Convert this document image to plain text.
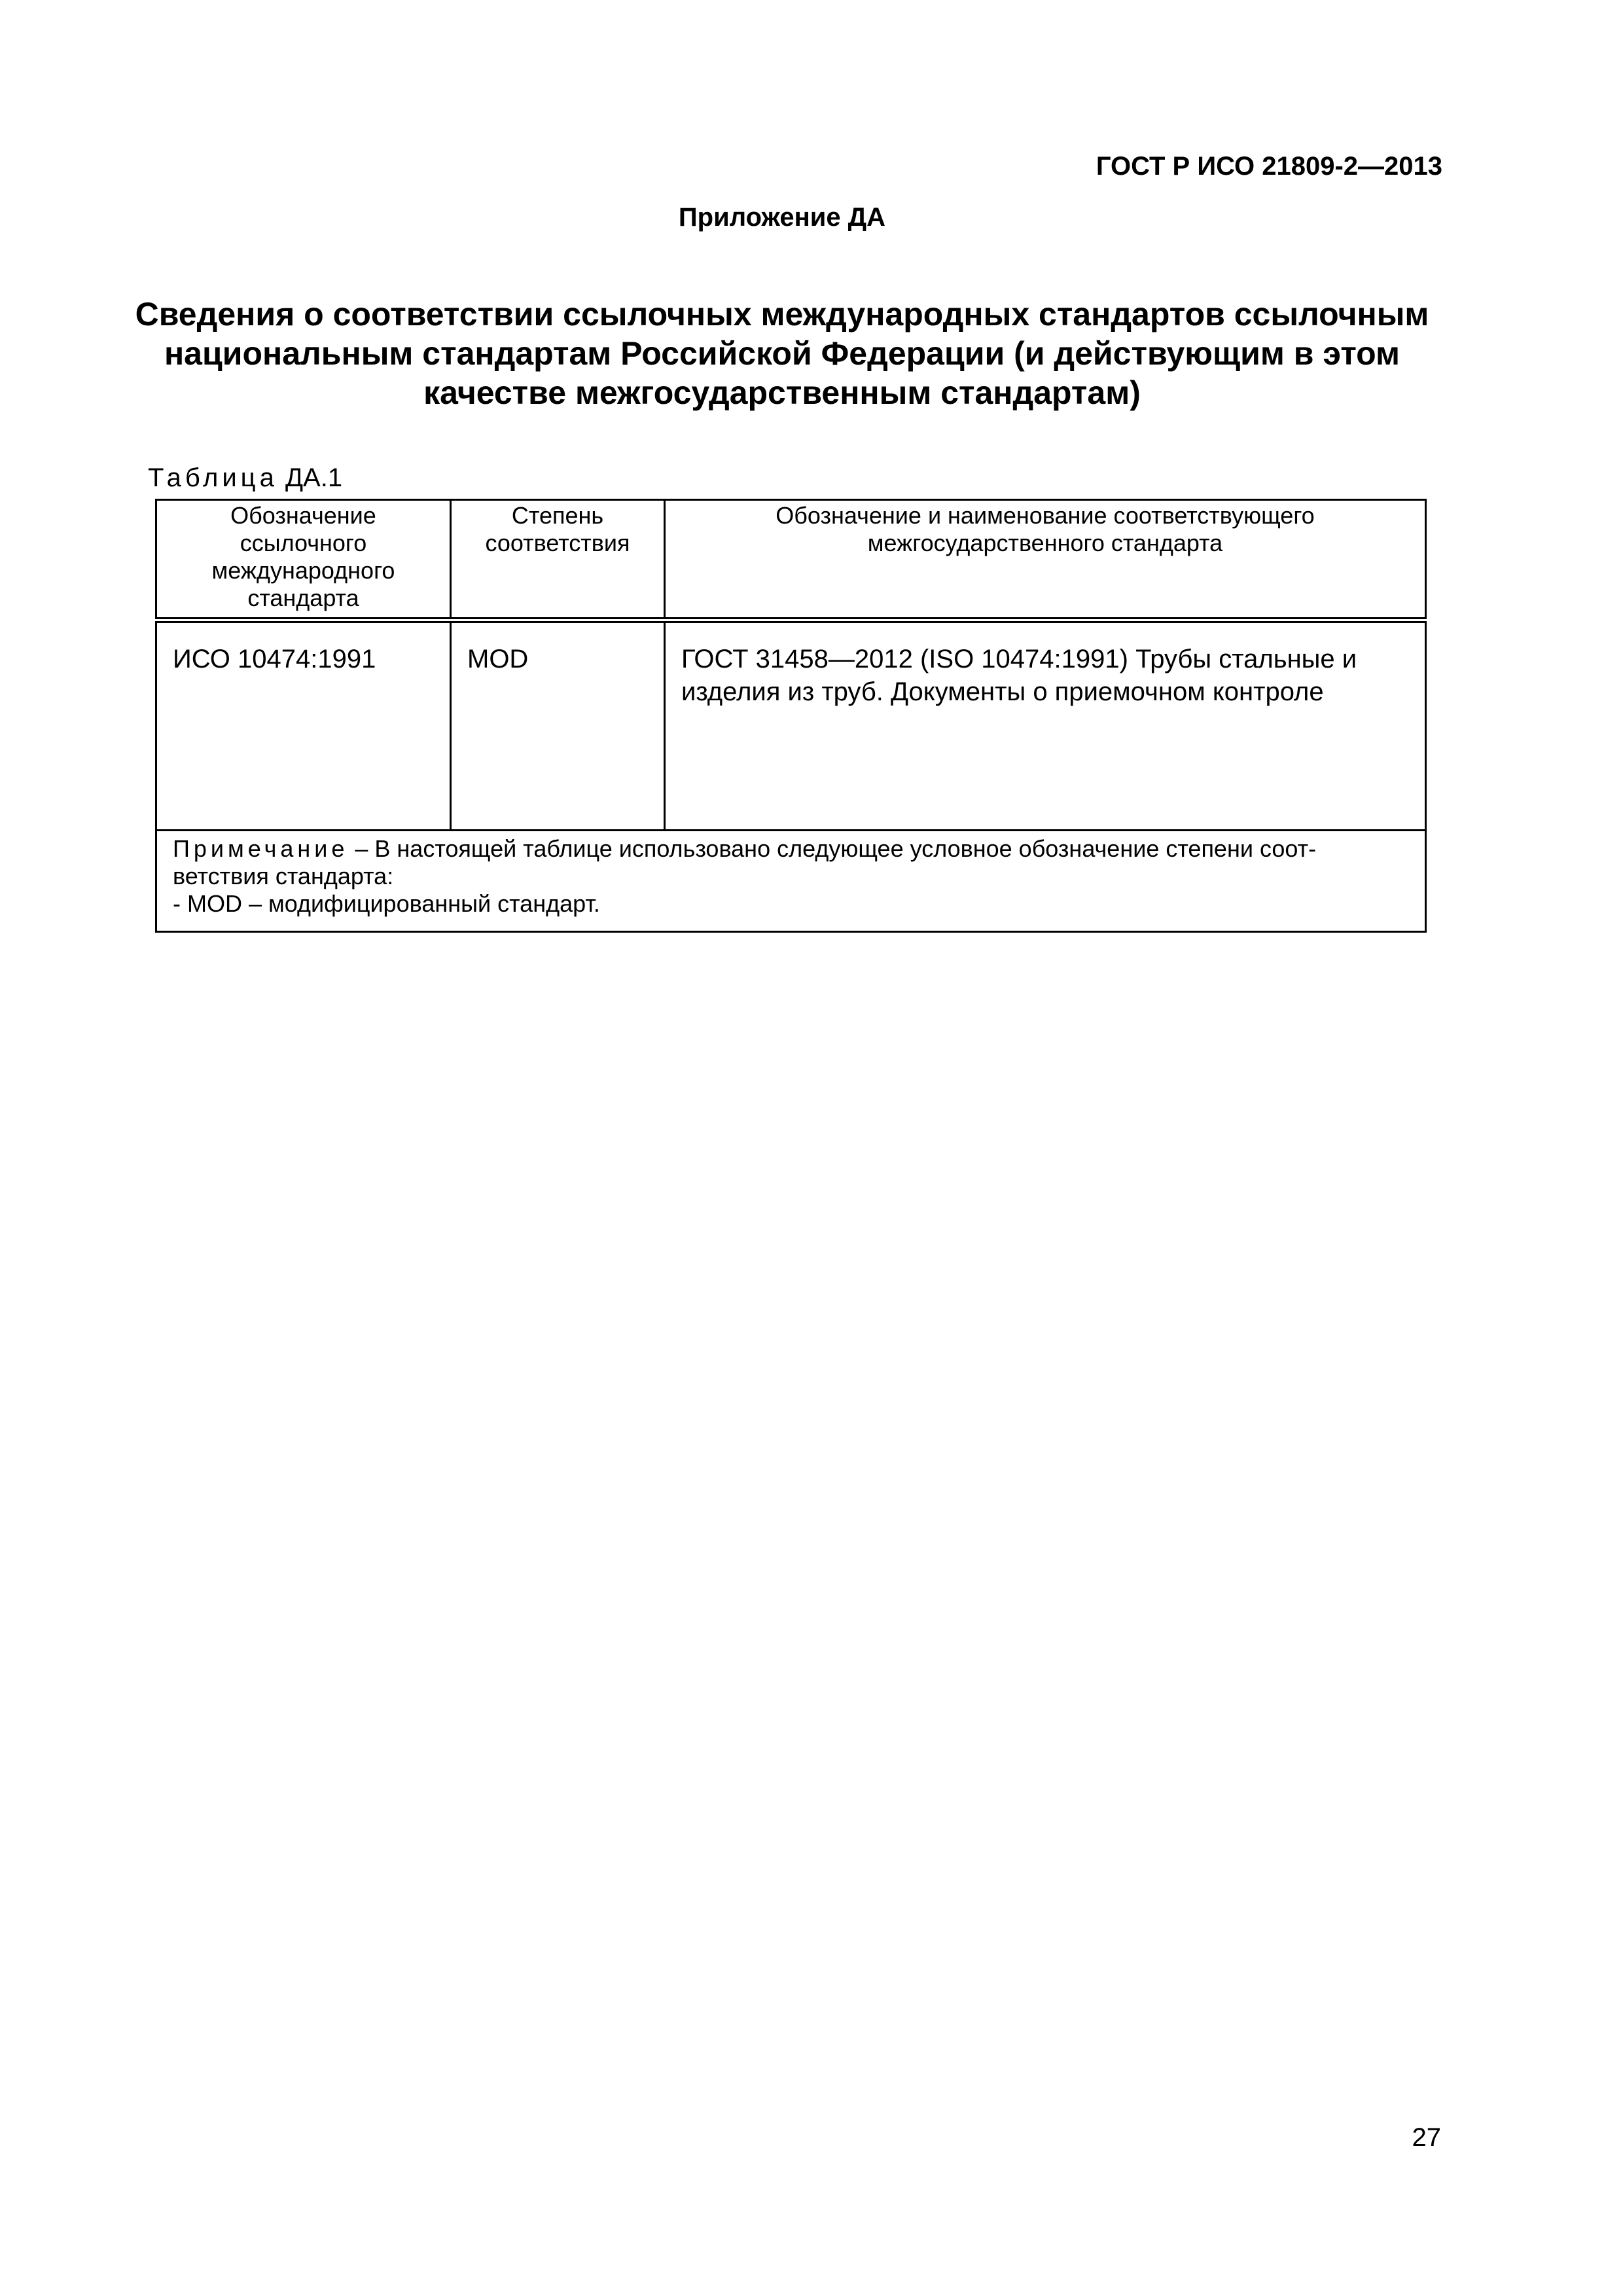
ГОСТ Р ИСО 21809-2—2013
Приложение ДА
Сведения о соответствии ссылочных международных стандартов ссылочным
национальным стандартам Российской Федерации (и действующим в этом
качестве межгосударственным стандартам)
Таблица ДА.1
Обозначение ссылочного международного стандарта	Степень соответствия	Обозначение и наименование соответствующего межгосударственного стандарта
ИСО 10474:1991	MOD	ГОСТ 31458—2012 (ISO 10474:1991) Трубы стальные и изделия из труб. Документы о приемочном контроле
Примечание – В настоящей таблице использовано следующее условное обозначение степени соот-ветствия стандарта:
- MOD – модифицированный стандарт.		
27
